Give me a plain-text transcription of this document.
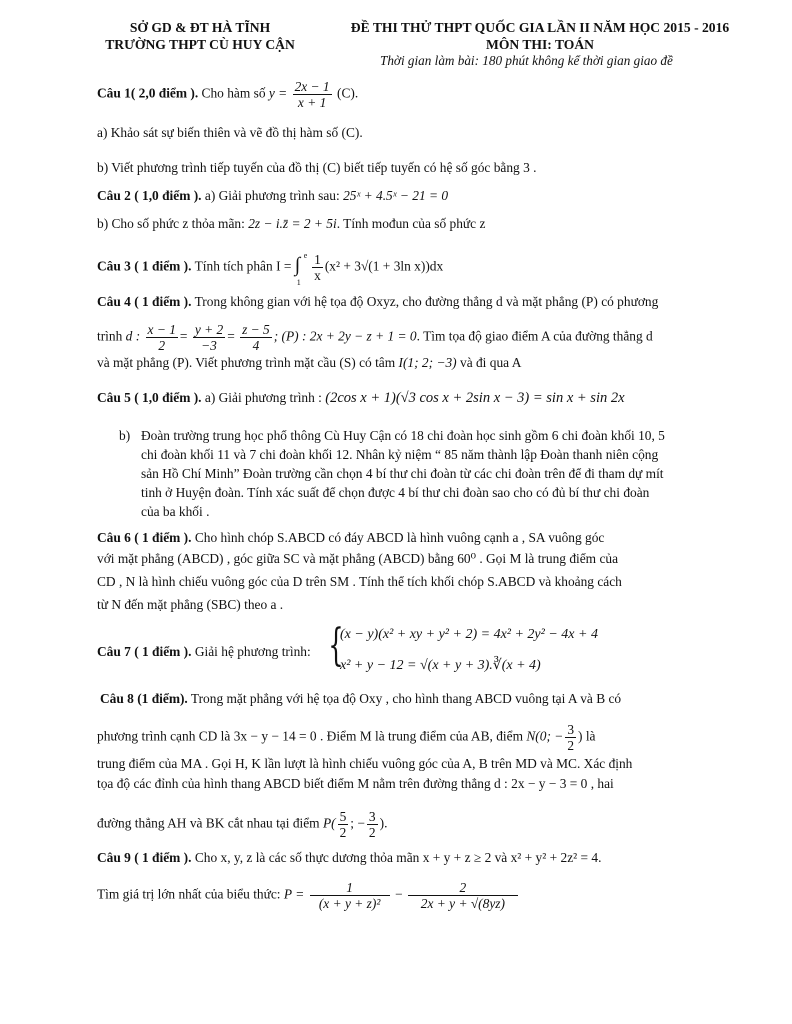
SỞ GD & ĐT HÀ TĨNH
TRƯỜNG THPT CÙ HUY CẬN
ĐỀ THI THỬ THPT QUỐC GIA LẦN II NĂM HỌC 2015 - 2016
MÔN THI: TOÁN
Thời gian làm bài: 180 phút không kể thời gian giao đề
Câu 1( 2,0 điểm ). Cho hàm số $y = \frac{2x - 1}{x + 1} (C)$.
a) Khảo sát sự biến thiên và vẽ đồ thị hàm số (C).
b) Viết phương trình tiếp tuyến của đồ thị (C) biết tiếp tuyến có hệ số góc bằng 3 .
Câu 2 ( 1,0 điểm ). a) Giải phương trình sau: 25ˣ + 4.5ˣ − 21 = 0
b) Cho số phức z thỏa mãn: 2z − i.z̄ = 2 + 5i. Tính mođun của số phức z
Câu 3 ( 1 điểm ). Tính tích phân I = ∫ e
1
$\frac{1}{x} (x^2 + 3√(1 + 3\ln$ x))dx
Câu 4 ( 1 điểm ). Trong không gian với hệ tọa độ Oxyz, cho đường thẳng d và mặt phẳng (P) có phương
trình d : $\frac{x - 1}{2} = \frac{y + 2}{-3} = \frac{z - 5}{4}$ ; (P) : 2x + 2y − z + 1 = 0. Tìm tọa độ giao điểm A của đường thẳng d
và mặt phẳng (P). Viết phương trình mặt cầu (S) có tâm I(1; 2; −3) và đi qua A
Câu 5 ( 1,0 điểm ). a) Giải phương trình : (2cos x + 1)(√3 cos x + 2sin x − 3) = sin x + sin 2x
b) Đoàn trường trung học phổ thông Cù Huy Cận có 18 chi đoàn học sinh gồm 6 chi đoàn khối 10, 5
chi đoàn khối 11 và 7 chi đoàn khối 12. Nhân kỷ niệm “ 85 năm thành lập Đoàn thanh niên cộng
sản Hồ Chí Minh” Đoàn trường cần chọn 4 bí thư chi đoàn từ các chi đoàn trên để đi tham dự mít
tinh ở Huyện đoàn. Tính xác suất để chọn được 4 bí thư chi đoàn sao cho có đủ bí thư chi đoàn
của ba khối .
Câu 6 ( 1 điểm ). Cho hình chóp S.ABCD có đáy ABCD là hình vuông cạnh a , SA vuông góc
với mặt phẳng (ABCD) , góc giữa SC và mặt phẳng (ABCD) bằng 60⁰ . Gọi M là trung điểm của
CD , N là hình chiếu vuông góc của D trên SM . Tính thể tích khối chóp S.ABCD và khoảng cách
từ N đến mặt phẳng (SBC) theo a .
Câu 7 ( 1 điểm ). Giải hệ phương trình: {
(x − y)(x² + xy + y² + 2) = 4x² + 2y² − 4x + 4
x² + y − 12 = √(x + y + 3).∛(x + 4)
Câu 8 (1 điểm). Trong mặt phẳng với hệ tọa độ Oxy , cho hình thang ABCD vuông tại A và B có
phương trình cạnh CD là 3x − y − 14 = 0 . Điểm M là trung điểm của AB, điểm N(0; − $\frac{3}{2}$ ) là
trung điểm của MA . Gọi H, K lần lượt là hình chiếu vuông góc của A, B trên MD và MC. Xác định
tọa độ các đỉnh của hình thang ABCD biết điểm M nằm trên đường thẳng d : 2x − y − 3 = 0 , hai
đường thẳng AH và BK cắt nhau tại điểm $P( \frac{5}{2}$ ; − $\frac{3}{2}$ ).
Câu 9 ( 1 điểm ). Cho x, y, z là các số thực dương thỏa mãn x + y + z ≥ 2 và x² + y² + 2z² = 4.
Tìm giá trị lớn nhất của biểu thức: $P = \frac{1}{\text{(x + y + z)²}} - \frac{2}{2x + y + √(8yz)}$
